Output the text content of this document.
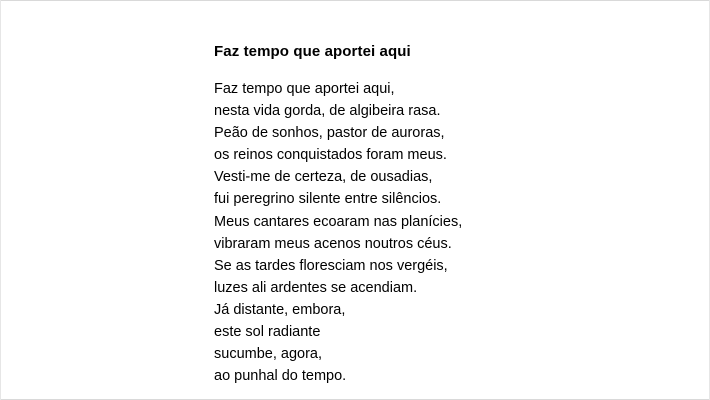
Faz tempo que aportei aqui
Faz tempo que aportei aqui,
nesta vida gorda, de algibeira rasa.
Peão de sonhos, pastor de auroras,
os reinos conquistados foram meus.
Vesti-me de certeza, de ousadias,
fui peregrino silente entre silêncios.
Meus cantares ecoaram nas planícies,
vibraram meus acenos noutros céus.
Se as tardes floresciam nos vergéis,
luzes ali ardentes se acendiam.
Já distante, embora,
este sol radiante
sucumbe, agora,
ao punhal do tempo.
